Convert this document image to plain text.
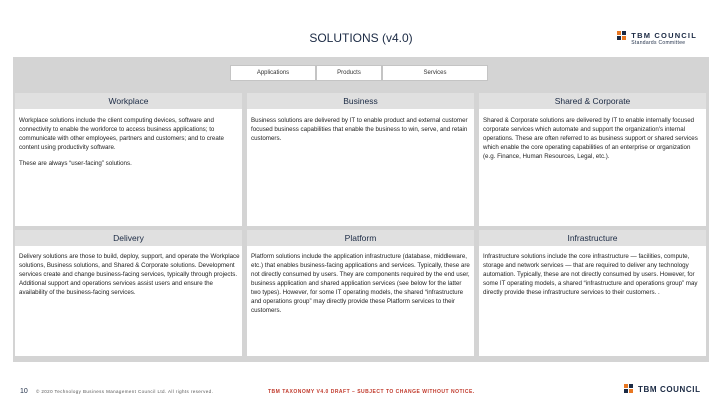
SOLUTIONS (v4.0)	TBM COUNCIL
Standards Committee
Applications	Products	Services
Workplace

Workplace solutions include the client computing devices, software and connectivity to enable the workforce to access business applications; to communicate with other employees, partners and customers; and to create content using productivity software.

These are always “user-facing” solutions.

Business

Business solutions are delivered by IT to enable product and external customer focused business capabilities that enable the business to win, serve, and retain customers.

Shared & Corporate

Shared & Corporate solutions are delivered by IT to enable internally focused corporate services which automate and support the organization's internal operations. These are often referred to as business support or shared services which enable the core operating capabilities of an enterprise or organization (e.g. Finance, Human Resources, Legal, etc.).

Delivery

Delivery solutions are those to build, deploy, support, and operate the Workplace solutions, Business solutions, and Shared & Corporate solutions. Development services create and change business-facing services, typically through projects. Additional support and operations services assist users and ensure the availability of the business-facing services.

Platform

Platform solutions include the application infrastructure (database, middleware, etc.) that enables business-facing applications and services. Typically, these are not directly consumed by users. They are components required by the end user, business application and shared application services (see below for the latter two types). However, for some IT operating models, the shared “infrastructure and operations group” may directly provide these Platform services to their customers.

Infrastructure

Infrastructure solutions include the core infrastructure — facilities, compute, storage and network services — that are required to deliver any technology automation. Typically, these are not directly consumed by users. However, for some IT operating models, a shared “infrastructure and operations group” may directly provide these infrastructure services to their customers. .

10 © 2020 Technology Business Management Council Ltd. All rights reserved.	TBM TAXONOMY V4.0 DRAFT – SUBJECT TO CHANGE WITHOUT NOTICE.	TBM COUNCIL
